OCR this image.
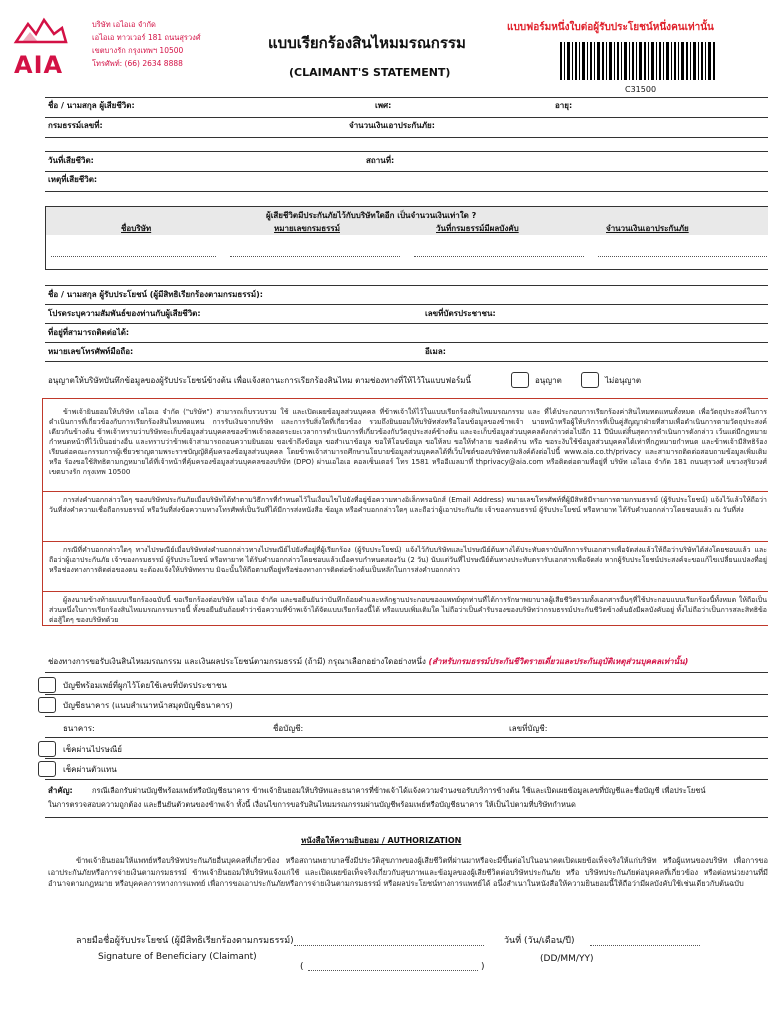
AIA
บริษัท เอไอเอ จำกัด
เอไอเอ ทาวเวอร์ 181 ถนนสุรวงศ์
เขตบางรัก กรุงเทพฯ 10500
โทรศัพท์: (66) 2634 8888
แบบเรียกร้องสินไหมมรณกรรม
(CLAIMANT'S STATEMENT)
แบบฟอร์มหนึ่งใบต่อผู้รับประโยชน์หนึ่งคนเท่านั้น
C31500
ชื่อ / นามสกุล ผู้เสียชีวิต:	เพศ:	อายุ:
กรมธรรม์เลขที่:	จำนวนเงินเอาประกันภัย:
วันที่เสียชีวิต:	สถานที่:
เหตุที่เสียชีวิต:
ผู้เสียชีวิตมีประกันภัยไว้กับบริษัทใดอีก เป็นจำนวนเงินเท่าใด ?
ชื่อบริษัท	หมายเลขกรมธรรม์	วันที่กรมธรรม์มีผลบังคับ	จำนวนเงินเอาประกันภัย
ชื่อ / นามสกุล ผู้รับประโยชน์ (ผู้มีสิทธิเรียกร้องตามกรมธรรม์):
โปรดระบุความสัมพันธ์ของท่านกับผู้เสียชีวิต:	เลขที่บัตรประชาชน:
ที่อยู่ที่สามารถติดต่อได้:
หมายเลขโทรศัพท์มือถือ:	อีเมล:
อนุญาตให้บริษัทบันทึกข้อมูลของผู้รับประโยชน์ข้างต้น เพื่อแจ้งสถานะการเรียกร้องสินไหม ตามช่องทางที่ให้ไว้ในแบบฟอร์มนี้	อนุญาต	ไม่อนุญาต
ข้าพเจ้ายินยอมให้บริษัท เอไอเอ จำกัด ("บริษัท") สามารถเก็บรวบรวม ใช้ และเปิดเผยข้อมูลส่วนบุคคล ที่ข้าพเจ้าให้ไว้ในแบบเรียกร้องสินไหมมรณกรรม และ ที่ได้ประกอบการเรียกร้องค่าสินไหมทดแทนทั้งหมด เพื่อวัตถุประสงค์ในการดำเนินการที่เกี่ยวข้องกับการเรียกร้องสินไหมทดแทน การรับเงินจากบริษัท และการรับสิ่งใดที่เกี่ยวข้อง รวมถึงยินยอมให้บริษัทส่งหรือโอนข้อมูลของข้าพเจ้า นายหน้าหรือผู้ให้บริการที่เป็นคู่สัญญาฝ่ายที่สามเพื่อดำเนินการตามวัตถุประสงค์เดียวกันข้างต้น ข้าพเจ้าทราบว่าบริษัทจะเก็บข้อมูลส่วนบุคคลของข้าพเจ้าตลอดระยะเวลาการดำเนินการที่เกี่ยวข้องกับวัตถุประสงค์ข้างต้น และจะเก็บข้อมูลส่วนบุคคลดังกล่าวต่อไปอีก 11 ปีนับแต่สิ้นสุดการดำเนินการดังกล่าว เว้นแต่มีกฎหมายกำหนดหน้าที่ไว้เป็นอย่างอื่น และทราบว่าข้าพเจ้าสามารถถอนความยินยอม ขอเข้าถึงข้อมูล ขอสำเนาข้อมูล ขอให้โอนข้อมูล ขอให้ลบ ขอให้ทำลาย ขอคัดค้าน หรือ ขอระงับใช้ข้อมูลส่วนบุคคลได้เท่าที่กฎหมายกำหนด และข้าพเจ้ามีสิทธิร้องเรียนต่อคณะกรรมการผู้เชี่ยวชาญตามพระราชบัญญัติคุ้มครองข้อมูลส่วนบุคคล โดยข้าพเจ้าสามารถศึกษานโยบายข้อมูลส่วนบุคคลได้ที่เว็บไซต์ของบริษัทตามลิงค์ดังต่อไปนี้ www.aia.co.th/privacy และสามารถติดต่อสอบถามข้อมูลเพิ่มเติม หรือ ร้องขอใช้สิทธิตามกฎหมายได้ที่เจ้าหน้าที่คุ้มครองข้อมูลส่วนบุคคลของบริษัท (DPO) ผ่านเอไอเอ คอลเซ็นเตอร์ โทร 1581 หรืออีเมลมาที่ thprivacy@aia.com หรือติดต่อตามที่อยู่ที่ บริษัท เอไอเอ จำกัด 181 ถนนสุรวงศ์ แขวงสุริยวงศ์ เขตบางรัก กรุงเทพ 10500
การส่งคำบอกกล่าวใดๆ ของบริษัทประกันภัยเมื่อบริษัทได้ทำตามวิธีการที่กำหนดไว้ในเงื่อนไขไปยังที่อยู่ข้อความทางอิเล็กทรอนิกส์ (Email Address) หมายเลขโทรศัพท์ที่ผู้มีสิทธิมีรายการตามกรมธรรม์ (ผู้รับประโยชน์) แจ้งไว้แล้วให้ถือว่าวันที่ส่งคำความเชื่อถือกรมธรรม์ หรือวันที่ส่งข้อความทางโทรศัพท์เป็นวันที่ได้มีการส่งหนังสือ ข้อมูล หรือคำบอกกล่าวใดๆ และถือว่าผู้เอาประกันภัย เจ้าของกรมธรรม์ ผู้รับประโยชน์ หรือทายาท ได้รับคำบอกกล่าวโดยชอบแล้ว ณ วันที่ส่ง
กรณีที่คำบอกกล่าวใดๆ ทางไปรษณีย์เมื่อบริษัทส่งคำบอกกล่าวทางไปรษณีย์ไปยังที่อยู่ที่ผู้เรียกร้อง (ผู้รับประโยชน์) แจ้งไว้กับบริษัทและไปรษณีย์ต้นทางได้ประทับตราบันทึกการรับเอกสารเพื่อจัดส่งแล้วให้ถือว่าบริษัทได้ส่งโดยชอบแล้ว และถือว่าผู้เอาประกันภัย เจ้าของกรมธรรม์ ผู้รับประโยชน์ หรือทายาท ได้รับคำบอกกล่าวโดยชอบแล้วเมื่อครบกำหนดสองวัน (2 วัน) นับแต่วันที่ไปรษณีย์ต้นทางประทับตรารับเอกสารเพื่อจัดส่ง หากผู้รับประโยชน์ประสงค์จะขอแก้ไขเปลี่ยนแปลงที่อยู่หรือช่องทางการติดต่อของตน จะต้องแจ้งให้บริษัททราบ มิฉะนั้นให้ถือตามที่อยู่หรือช่องทางการติดต่อข้างต้นเป็นหลักในการส่งคำบอกกล่าว
ผู้ลงนามข้างท้ายแบบเรียกร้องฉบับนี้ ขอเรียกร้องต่อบริษัท เอไอเอ จำกัด และขอยืนยันว่าบันทึกถ้อยคำและหลักฐานประกอบของแพทย์ทุกท่านที่ได้การรักษาพยาบาลผู้เสียชีวิตรวมทั้งเอกสารอื่นๆที่ใช้ประกอบแบบเรียกร้องนี้ทั้งหมด ให้ถือเป็นส่วนหนึ่งในการเรียกร้องสินไหมมรณกรรมรายนี้ ทั้งขอยืนยันถ้อยคำว่าข้อความที่ข้าพเจ้าได้จัดแบบเรียกร้องนี้ได้ หรือแบบเพิ่มเติมใด ไม่ถือว่าเป็นคำรับรองของบริษัทว่ากรมธรรม์ประกันชีวิตข้างต้นยังมีผลบังคับอยู่ ทั้งไม่ถือว่าเป็นการสละสิทธิข้อต่อสู้ใดๆ ของบริษัทด้วย
ช่องทางการขอรับเงินสินไหมมรณกรรม และเงินผลประโยชน์ตามกรมธรรม์ (ถ้ามี) กรุณาเลือกอย่างใดอย่างหนึ่ง (สำหรับกรมธรรม์ประกันชีวิตรายเดี่ยวและประกันอุบัติเหตุส่วนบุคคลเท่านั้น)
บัญชีพร้อมเพย์ที่ผูกไว้โดยใช้เลขที่บัตรประชาชน
บัญชีธนาคาร (แนบสำเนาหน้าสมุดบัญชีธนาคาร)
ธนาคาร:	ชื่อบัญชี:	เลขที่บัญชี:
เช็คผ่านไปรษณีย์
เช็คผ่านตัวแทน
สำคัญ:	กรณีเลือกรับผ่านบัญชีพร้อมเพย์หรือบัญชีธนาคาร ข้าพเจ้ายินยอมให้บริษัทและธนาคารที่ข้าพเจ้าได้แจ้งความจำนงขอรับบริการข้างต้น ใช้และเปิดเผยข้อมูลเลขที่บัญชีและชื่อบัญชี เพื่อประโยชน์
ในการตรวจสอบความถูกต้อง และยืนยันตัวตนของข้าพเจ้า ทั้งนี้ เงื่อนไขการขอรับสินไหมมรณกรรมผ่านบัญชีพร้อมเพย์หรือบัญชีธนาคาร ให้เป็นไปตามที่บริษัทกำหนด
หนังสือให้ความยินยอม / AUTHORIZATION
ข้าพเจ้ายินยอมให้แพทย์หรือบริษัทประกันภัยอื่นบุคคลที่เกี่ยวข้อง หรือสถานพยาบาลซึ่งมีประวัติสุขภาพของผู้เสียชีวิตที่ผ่านมาหรือจะมีขึ้นต่อไปในอนาคตเปิดเผยข้อเท็จจริงให้แก่บริษัท หรือผู้แทนของบริษัท เพื่อการขอเอาประกันภัยหรือการจ่ายเงินตามกรมธรรม์ ข้าพเจ้ายินยอมให้บริษัทแจ้งแก่ใช้ และเปิดเผยข้อเท็จจริงเกี่ยวกับสุขภาพและข้อมูลของผู้เสียชีวิตต่อบริษัทประกันภัย หรือ บริษัทประกันภัยต่อบุคคลที่เกี่ยวข้อง หรือต่อหน่วยงานที่มีอำนาจตามกฎหมาย หรือบุคคลการทางการแพทย์ เพื่อการขอเอาประกันภัยหรือการจ่ายเงินตามกรมธรรม์ หรือผลประโยชน์ทางการแพทย์ได้ อนึ่งสำเนาในหนังสือให้ความยินยอมนี้ให้ถือว่ามีผลบังคับใช้เช่นเดียวกับต้นฉบับ
ลายมือชื่อผู้รับประโยชน์ (ผู้มีสิทธิเรียกร้องตามกรมธรรม์)
Signature of Beneficiary (Claimant)
(	)
วันที่ (วัน/เดือน/ปี)
(DD/MM/YY)
